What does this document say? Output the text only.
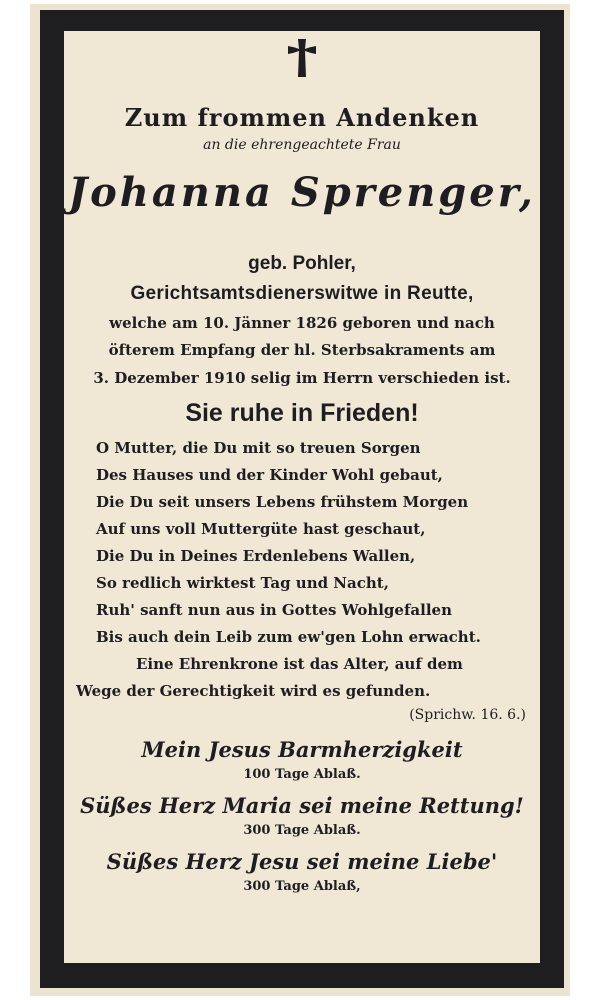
Zum frommen Andenken
an die ehrengeachtete Frau
Johanna Sprenger,
geb. Pohler,
Gerichtsamtsdienerswitwe in Reutte,
welche am 10. Jänner 1826 geboren und nach
öfterem Empfang der hl. Sterbsakraments am
3. Dezember 1910 selig im Herrn verschieden ist.
Sie ruhe in Frieden!
O Mutter, die Du mit so treuen Sorgen
Des Hauses und der Kinder Wohl gebaut,
Die Du seit unsers Lebens frühstem Morgen
Auf uns voll Muttergüte hast geschaut,
Die Du in Deines Erdenlebens Wallen,
So redlich wirktest Tag und Nacht,
Ruh' sanft nun aus in Gottes Wohlgefallen
Bis auch dein Leib zum ew'gen Lohn erwacht.
Eine Ehrenkrone ist das Alter, auf dem
Wege der Gerechtigkeit wird es gefunden.
(Sprichw. 16. 6.)
Mein Jesus Barmherzigkeit
100 Tage Ablaß.
Süßes Herz Maria sei meine Rettung!
300 Tage Ablaß.
Süßes Herz Jesu sei meine Liebe'
300 Tage Ablaß,
